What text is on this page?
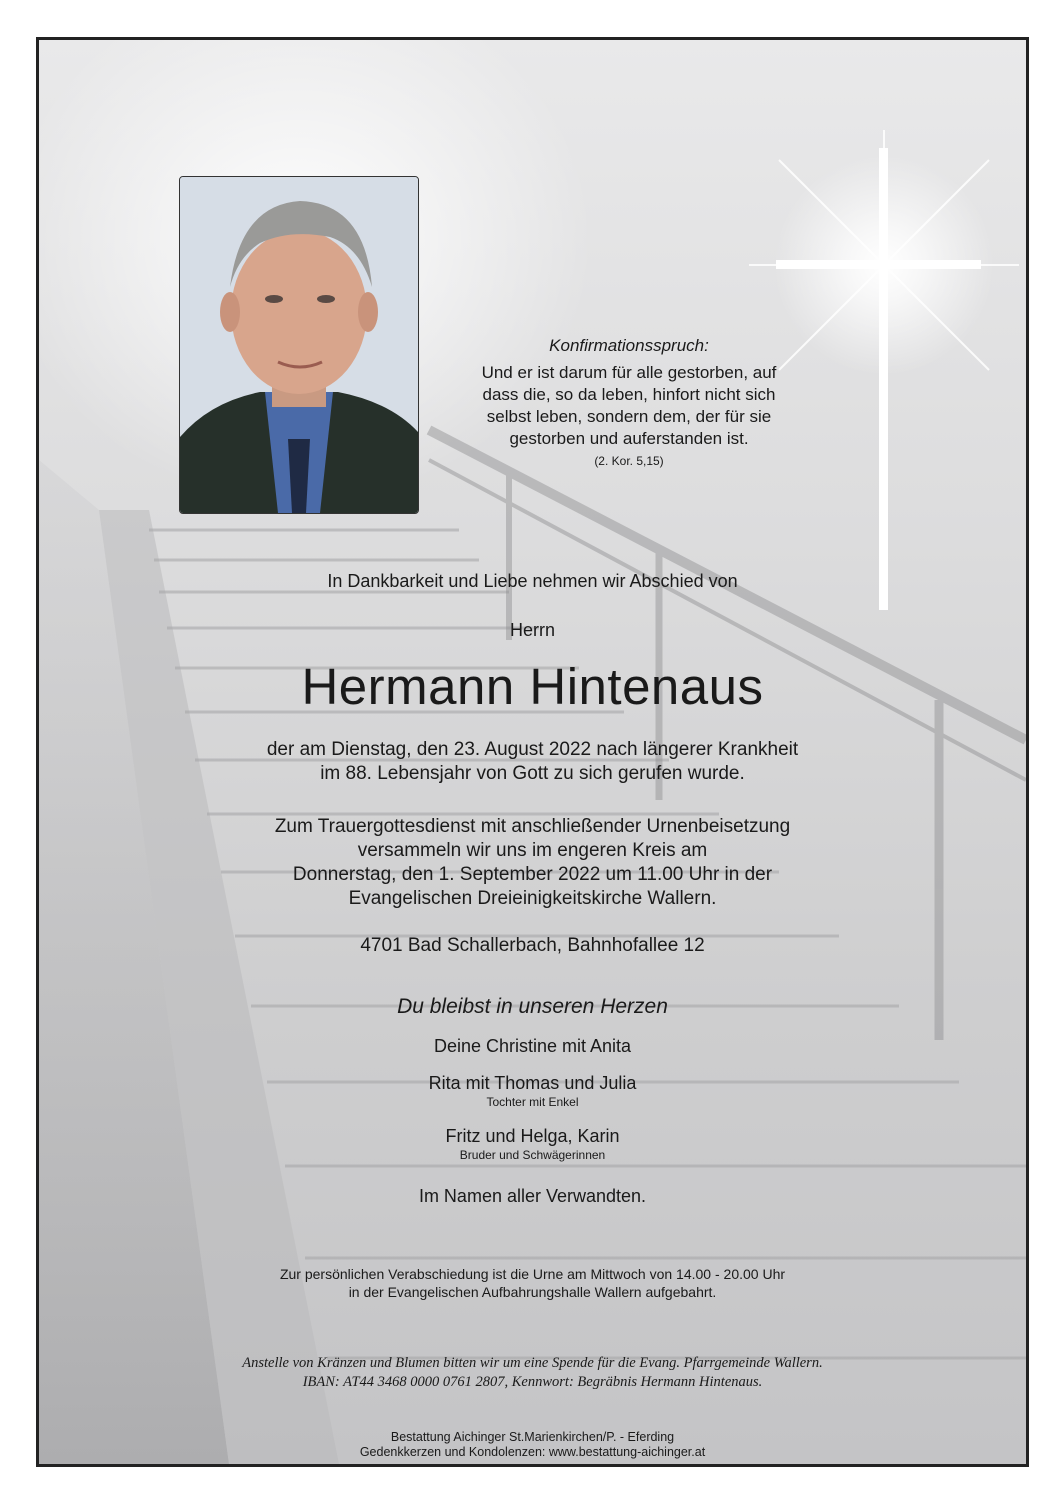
Konfirmationsspruch:
Und er ist darum für alle gestorben, auf
dass die, so da leben, hinfort nicht sich
selbst leben, sondern dem, der für sie
gestorben und auferstanden ist.
(2. Kor. 5,15)
In Dankbarkeit und Liebe nehmen wir Abschied von
Herrn
Hermann Hintenaus
der am Dienstag, den 23. August 2022 nach längerer Krankheit
im 88. Lebensjahr von Gott zu sich gerufen wurde.
Zum Trauergottesdienst mit anschließender Urnenbeisetzung
versammeln wir uns im engeren Kreis am
Donnerstag, den 1. September 2022 um 11.00 Uhr in der
Evangelischen Dreieinigkeitskirche Wallern.
4701 Bad Schallerbach, Bahnhofallee 12
Du bleibst in unseren Herzen
Deine Christine mit Anita
Rita mit Thomas und Julia
Tochter mit Enkel
Fritz und Helga, Karin
Bruder und Schwägerinnen
Im Namen aller Verwandten.
Zur persönlichen Verabschiedung ist die Urne am Mittwoch von 14.00 - 20.00 Uhr
in der Evangelischen Aufbahrungshalle Wallern aufgebahrt.
Anstelle von Kränzen und Blumen bitten wir um eine Spende für die Evang. Pfarrgemeinde Wallern.
IBAN: AT44 3468 0000 0761 2807, Kennwort: Begräbnis Hermann Hintenaus.
Bestattung Aichinger St.Marienkirchen/P. - Eferding
Gedenkkerzen und Kondolenzen: www.bestattung-aichinger.at
